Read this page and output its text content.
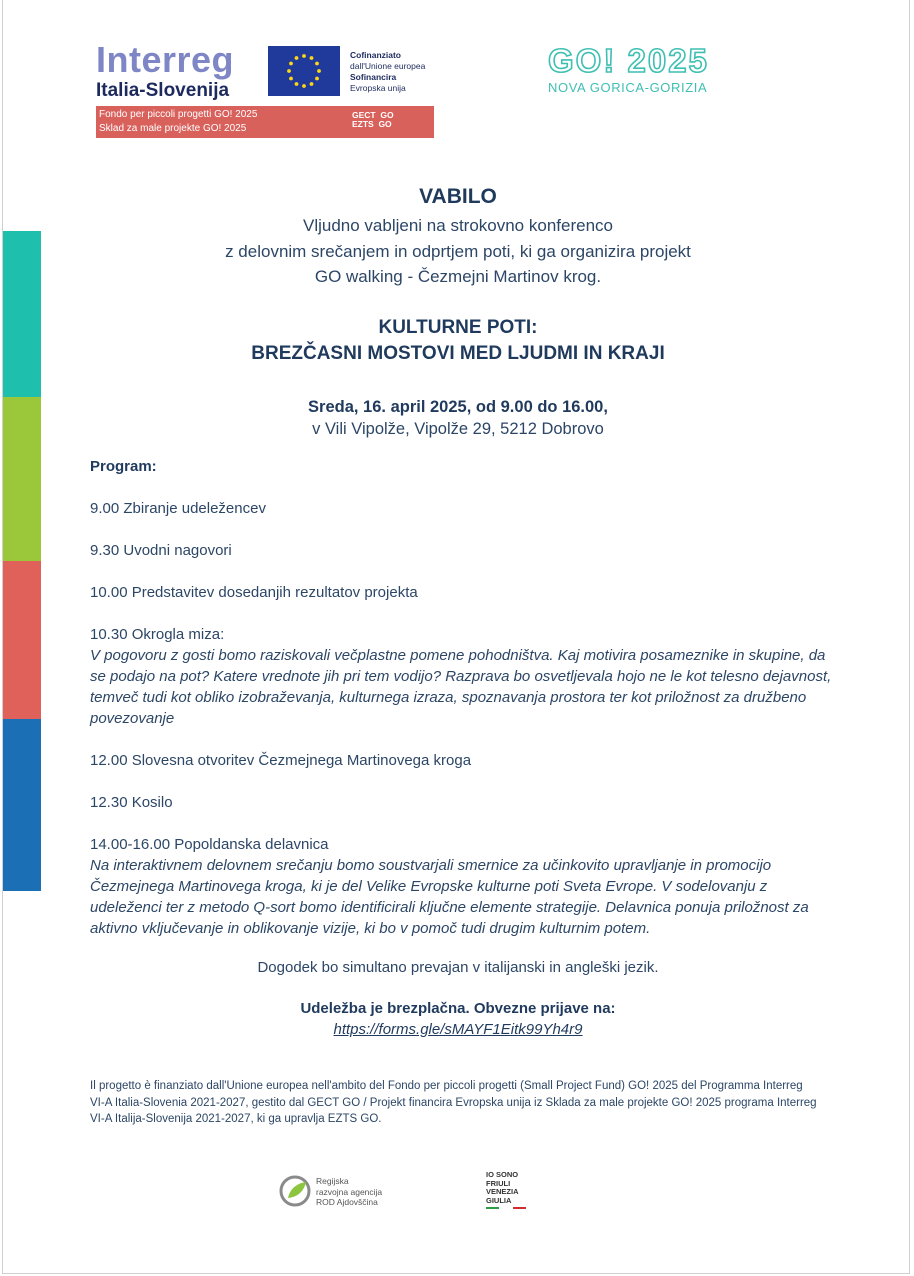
Interreg
Italia-Slovenija
Cofinanziato
dall'Unione europea
Sofinancira
Evropska unija
Fondo per piccoli progetti GO! 2025
Sklad za male projekte GO! 2025
GECT  GO
EZTS  GO
GO! 2025
NOVA GORICA-GORIZIA
VABILO
Vljudno vabljeni na strokovno konferenco
z delovnim srečanjem in odprtjem poti, ki ga organizira projekt
GO walking - Čezmejni Martinov krog.
KULTURNE POTI:
BREZČASNI MOSTOVI MED LJUDMI IN KRAJI
Sreda, 16. april 2025, od 9.00 do 16.00,
v Vili Vipolže, Vipolže 29, 5212 Dobrovo
Program:
9.00 Zbiranje udeležencev
9.30 Uvodni nagovori
10.00 Predstavitev dosedanjih rezultatov projekta
10.30 Okrogla miza:
V pogovoru z gosti bomo raziskovali večplastne pomene pohodništva. Kaj motivira posameznike in skupine, da se podajo na pot? Katere vrednote jih pri tem vodijo? Razprava bo osvetljevala hojo ne le kot telesno dejavnost, temveč tudi kot obliko izobraževanja, kulturnega izraza, spoznavanja prostora ter kot priložnost za družbeno povezovanje
12.00 Slovesna otvoritev Čezmejnega Martinovega kroga
12.30 Kosilo
14.00-16.00 Popoldanska delavnica
Na interaktivnem delovnem srečanju bomo soustvarjali smernice za učinkovito upravljanje in promocijo Čezmejnega Martinovega kroga, ki je del Velike Evropske kulturne poti Sveta Evrope. V sodelovanju z udeleženci ter z metodo Q-sort bomo identificirali ključne elemente strategije. Delavnica ponuja priložnost za aktivno vključevanje in oblikovanje vizije, ki bo v pomoč tudi drugim kulturnim potem.
Dogodek bo simultano prevajan v italijanski in angleški jezik.
Udeležba je brezplačna. Obvezne prijave na:
https://forms.gle/sMAYF1Eitk99Yh4r9
Il progetto è finanziato dall'Unione europea nell'ambito del Fondo per piccoli progetti (Small Project Fund) GO! 2025 del Programma Interreg VI-A Italia-Slovenia 2021-2027, gestito dal GECT GO / Projekt financira Evropska unija iz Sklada za male projekte GO! 2025 programa Interreg VI-A Italija-Slovenija 2021-2027, ki ga upravlja EZTS GO.
Regijska
razvojna agencija
ROD Ajdovščina
IO SONO
FRIULI
VENEZIA
GIULIA
